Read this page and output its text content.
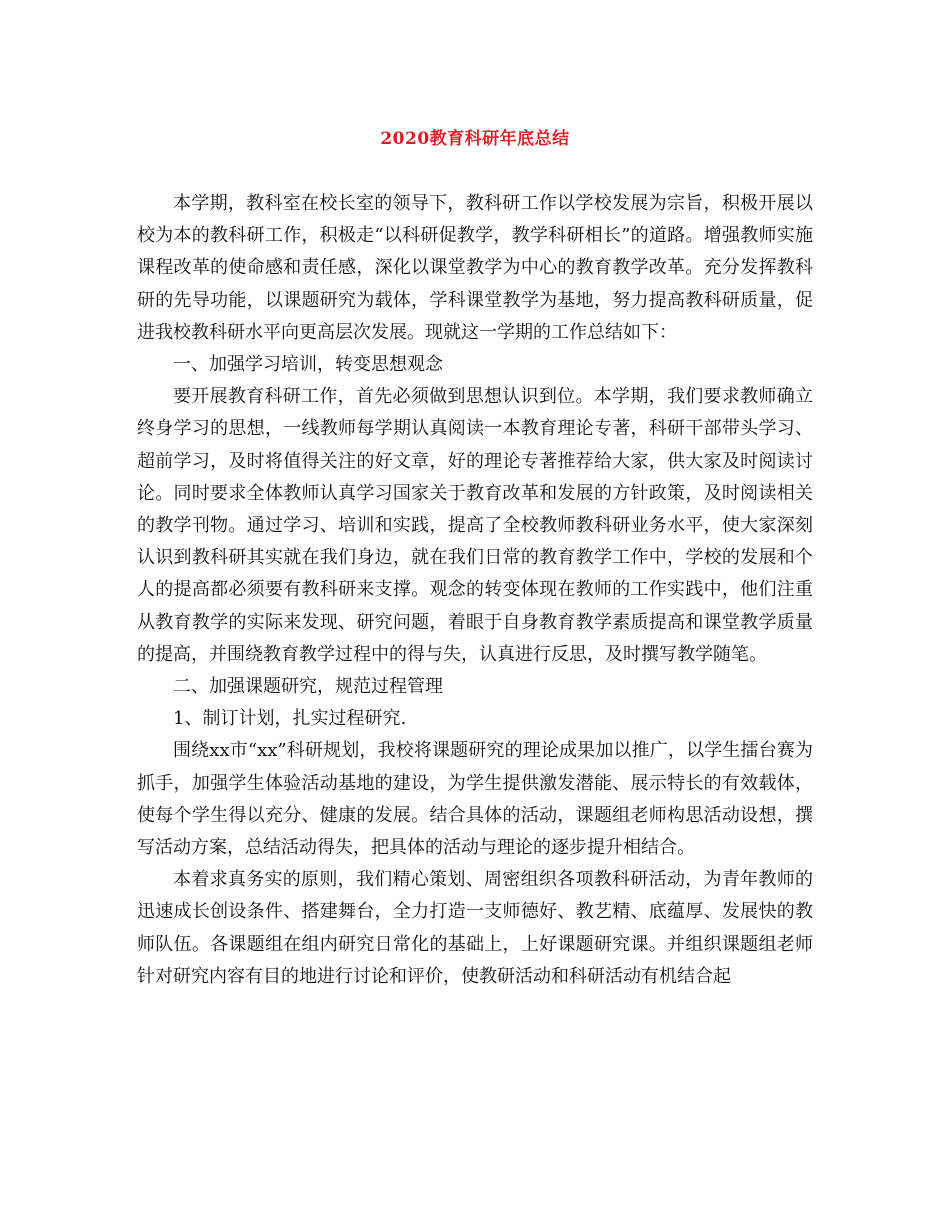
2020教育科研年底总结

本学期，教科室在校长室的领导下，教科研工作以学校发展为宗旨，积极开展以校为本的教科研工作，积极走“以科研促教学，教学科研相长”的道路。增强教师实施课程改革的使命感和责任感，深化以课堂教学为中心的教育教学改革。充分发挥教科研的先导功能，以课题研究为载体，学科课堂教学为基地，努力提高教科研质量，促进我校教科研水平向更高层次发展。现就这一学期的工作总结如下：

一、加强学习培训，转变思想观念

要开展教育科研工作，首先必须做到思想认识到位。本学期，我们要求教师确立终身学习的思想，一线教师每学期认真阅读一本教育理论专著，科研干部带头学习、超前学习，及时将值得关注的好文章，好的理论专著推荐给大家，供大家及时阅读讨论。同时要求全体教师认真学习国家关于教育改革和发展的方针政策，及时阅读相关的教学刊物。通过学习、培训和实践，提高了全校教师教科研业务水平，使大家深刻认识到教科研其实就在我们身边，就在我们日常的教育教学工作中，学校的发展和个人的提高都必须要有教科研来支撑。观念的转变体现在教师的工作实践中，他们注重从教育教学的实际来发现、研究问题，着眼于自身教育教学素质提高和课堂教学质量的提高，并围绕教育教学过程中的得与失，认真进行反思，及时撰写教学随笔。

二、加强课题研究，规范过程管理

1、制订计划，扎实过程研究.

围绕xx市“xx”科研规划，我校将课题研究的理论成果加以推广，以学生擂台赛为抓手，加强学生体验活动基地的建设，为学生提供激发潜能、展示特长的有效载体，使每个学生得以充分、健康的发展。结合具体的活动，课题组老师构思活动设想，撰写活动方案，总结活动得失，把具体的活动与理论的逐步提升相结合。

本着求真务实的原则，我们精心策划、周密组织各项教科研活动，为青年教师的迅速成长创设条件、搭建舞台，全力打造一支师德好、教艺精、底蕴厚、发展快的教师队伍。各课题组在组内研究日常化的基础上，上好课题研究课。并组织课题组老师针对研究内容有目的地进行讨论和评价，使教研活动和科研活动有机结合起
